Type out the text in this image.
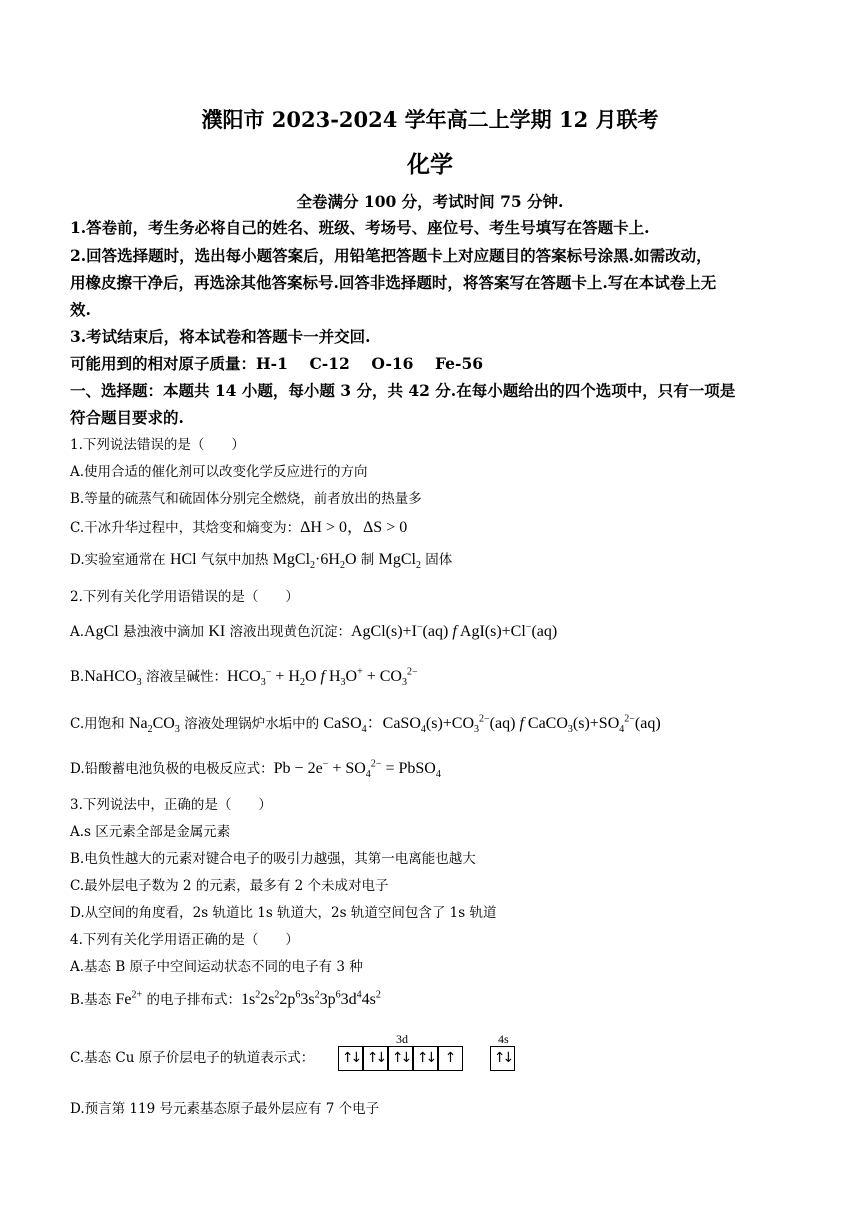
濮阳市 2023-2024 学年高二上学期 12 月联考
化学
全卷满分 100 分，考试时间 75 分钟.
1.答卷前，考生务必将自己的姓名、班级、考场号、座位号、考生号填写在答题卡上.
2.回答选择题时，选出每小题答案后，用铅笔把答题卡上对应题目的答案标号涂黑.如需改动，
用橡皮擦干净后，再选涂其他答案标号.回答非选择题时，将答案写在答题卡上.写在本试卷上无
效.
3.考试结束后，将本试卷和答题卡一并交回.
可能用到的相对原子质量：H-1    C-12    O-16    Fe-56
一、选择题：本题共 14 小题，每小题 3 分，共 42 分.在每小题给出的四个选项中，只有一项是
符合题目要求的.
1.下列说法错误的是（　　）
A.使用合适的催化剂可以改变化学反应进行的方向
B.等量的硫蒸气和硫固体分别完全燃烧，前者放出的热量多
C.干冰升华过程中，其焓变和熵变为：ΔH > 0，ΔS > 0
D.实验室通常在 HCl 气氛中加热 $MgCl_2\cdot 6H_2O$ 制 MgCl$_2$ 固体
2.下列有关化学用语错误的是（　　）
A.AgCl 悬浊液中滴加 KI 溶液出现黄色沉淀：AgCl(s)+I−(aq) f AgI(s)+Cl−(aq)
B.NaHCO$_3$ 溶液呈碱性：$HCO_3^- + H_2O$ f $H_3O^+ + CO_3^{2-}$
C.用饱和 $Na_2CO_3$ 溶液处理锅炉水垢中的 CaSO$_4$：$CaSO_4(s)+CO_3^{2-}(aq)$ f $CaCO_3(s)+SO_4^{2-}(aq)$
D.铅酸蓄电池负极的电极反应式：$Pb - 2e^- + SO_4^{2-}$ = PbSO$_4$
3.下列说法中，正确的是（　　）
A.s 区元素全部是金属元素
B.电负性越大的元素对键合电子的吸引力越强，其第一电离能也越大
C.最外层电子数为 2 的元素，最多有 2 个未成对电子
D.从空间的角度看，2s 轨道比 1s 轨道大，2s 轨道空间包含了 1s 轨道
4.下列有关化学用语正确的是（　　）
A.基态 B 原子中空间运动状态不同的电子有 3 种
B.基态 $Fe^{2+}$ 的电子排布式：$1s^22s^22p^63s^23p^63d^44s^2$
C.基态 Cu 原子价层电子的轨道表示式：
3d	4s
↑↓ ↑↓ ↑↓ ↑↓ ↑	↑↓
D.预言第 119 号元素基态原子最外层应有 7 个电子
